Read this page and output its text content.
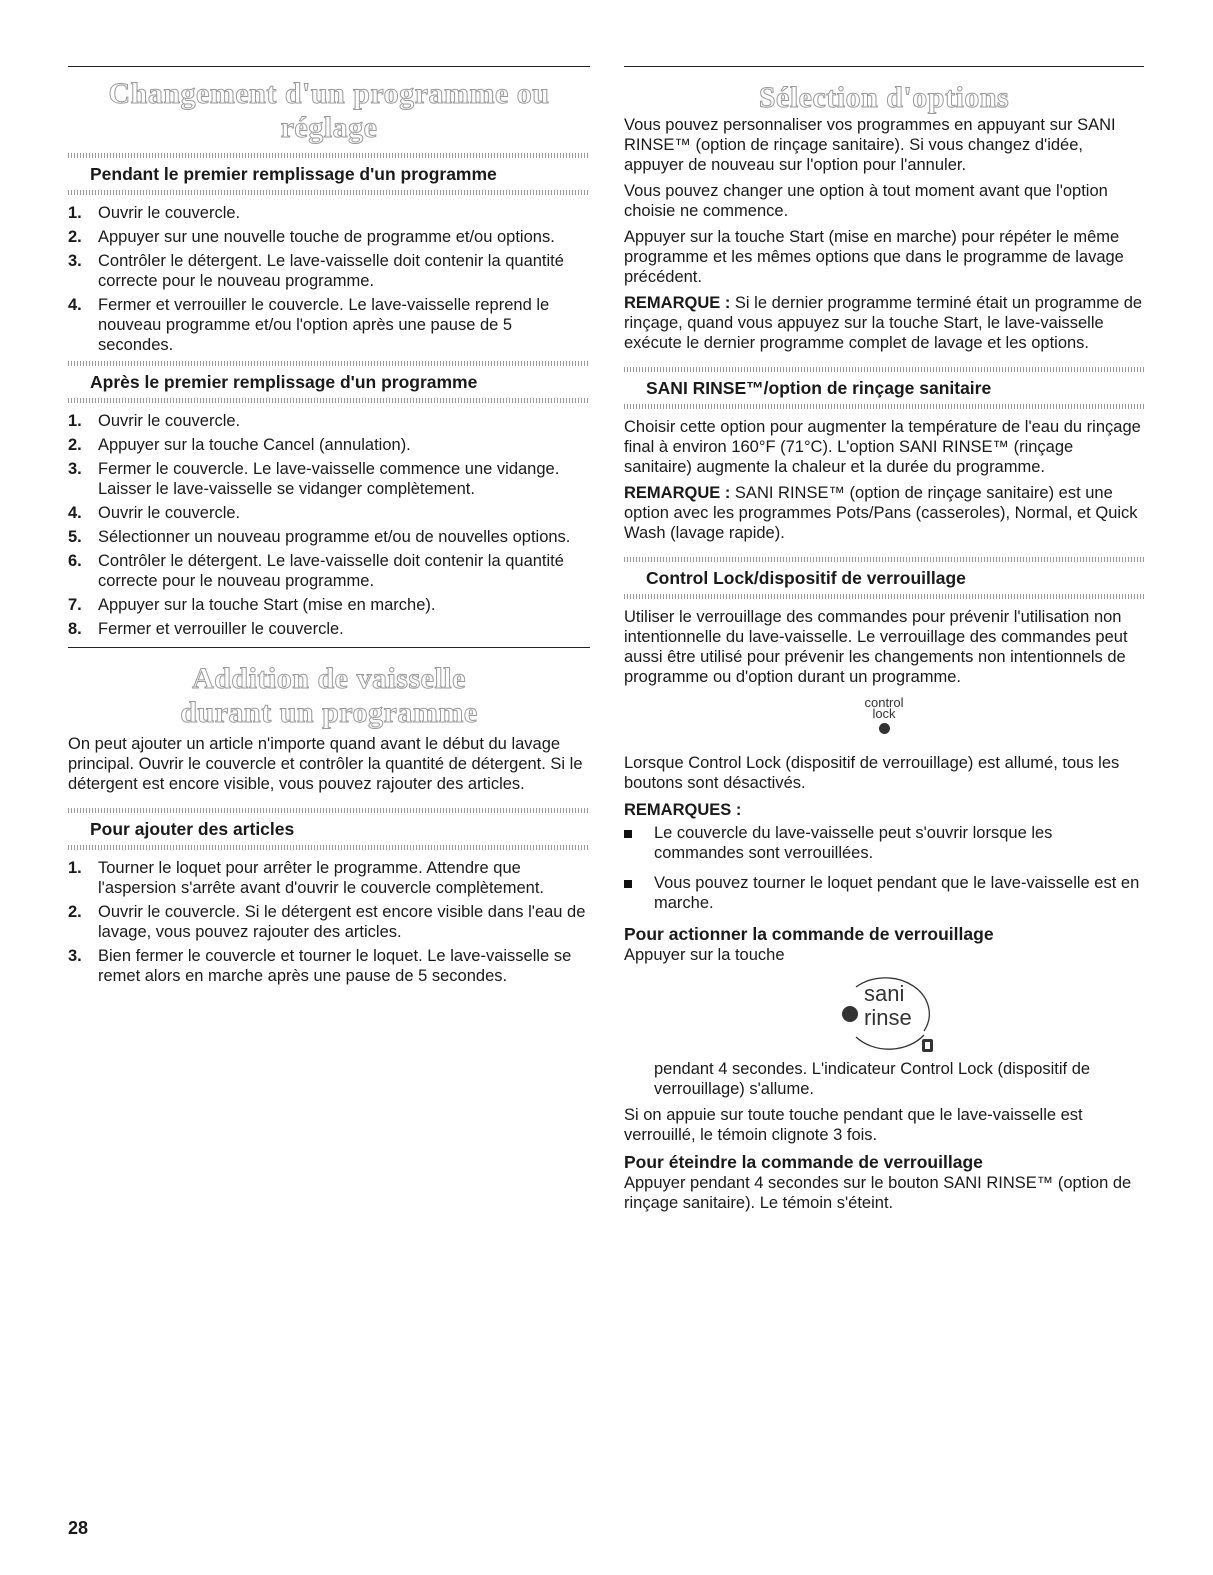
Changement d'un programme ou réglage
Pendant le premier remplissage d'un programme
1. Ouvrir le couvercle.
2. Appuyer sur une nouvelle touche de programme et/ou options.
3. Contrôler le détergent. Le lave-vaisselle doit contenir la quantité correcte pour le nouveau programme.
4. Fermer et verrouiller le couvercle. Le lave-vaisselle reprend le nouveau programme et/ou l'option après une pause de 5 secondes.
Après le premier remplissage d'un programme
1. Ouvrir le couvercle.
2. Appuyer sur la touche Cancel (annulation).
3. Fermer le couvercle. Le lave-vaisselle commence une vidange. Laisser le lave-vaisselle se vidanger complètement.
4. Ouvrir le couvercle.
5. Sélectionner un nouveau programme et/ou de nouvelles options.
6. Contrôler le détergent. Le lave-vaisselle doit contenir la quantité correcte pour le nouveau programme.
7. Appuyer sur la touche Start (mise en marche).
8. Fermer et verrouiller le couvercle.
Addition de vaisselle
durant un programme

On peut ajouter un article n'importe quand avant le début du lavage principal. Ouvrir le couvercle et contrôler la quantité de détergent. Si le détergent est encore visible, vous pouvez rajouter des articles.

Pour ajouter des articles
1. Tourner le loquet pour arrêter le programme. Attendre que l'aspersion s'arrête avant d'ouvrir le couvercle complètement.
2. Ouvrir le couvercle. Si le détergent est encore visible dans l'eau de lavage, vous pouvez rajouter des articles.
3. Bien fermer le couvercle et tourner le loquet. Le lave-vaisselle se remet alors en marche après une pause de 5 secondes.
Sélection d'options

Vous pouvez personnaliser vos programmes en appuyant sur SANI RINSE™ (option de rinçage sanitaire). Si vous changez d'idée, appuyer de nouveau sur l'option pour l'annuler.

Vous pouvez changer une option à tout moment avant que l'option choisie ne commence.

Appuyer sur la touche Start (mise en marche) pour répéter le même programme et les mêmes options que dans le programme de lavage précédent.

REMARQUE : Si le dernier programme terminé était un programme de rinçage, quand vous appuyez sur la touche Start, le lave-vaisselle exécute le dernier programme complet de lavage et les options.

SANI RINSE™/option de rinçage sanitaire

Choisir cette option pour augmenter la température de l'eau du rinçage final à environ 160°F (71°C). L'option SANI RINSE™ (rinçage sanitaire) augmente la chaleur et la durée du programme.

REMARQUE : SANI RINSE™ (option de rinçage sanitaire) est une option avec les programmes Pots/Pans (casseroles), Normal, et Quick Wash (lavage rapide).

Control Lock/dispositif de verrouillage

Utiliser le verrouillage des commandes pour prévenir l'utilisation non intentionnelle du lave-vaisselle. Le verrouillage des commandes peut aussi être utilisé pour prévenir les changements non intentionnels de programme ou d'option durant un programme.

control
lock

Lorsque Control Lock (dispositif de verrouillage) est allumé, tous les boutons sont désactivés.

REMARQUES :
Le couvercle du lave-vaisselle peut s'ouvrir lorsque les commandes sont verrouillées.
Vous pouvez tourner le loquet pendant que le lave-vaisselle est en marche.
Pour actionner la commande de verrouillage

Appuyer sur la touche

sani
rinse

pendant 4 secondes. L'indicateur Control Lock (dispositif de verrouillage) s'allume.

Si on appuie sur toute touche pendant que le lave-vaisselle est verrouillé, le témoin clignote 3 fois.

Pour éteindre la commande de verrouillage

Appuyer pendant 4 secondes sur le bouton SANI RINSE™ (option de rinçage sanitaire). Le témoin s'éteint.

28
